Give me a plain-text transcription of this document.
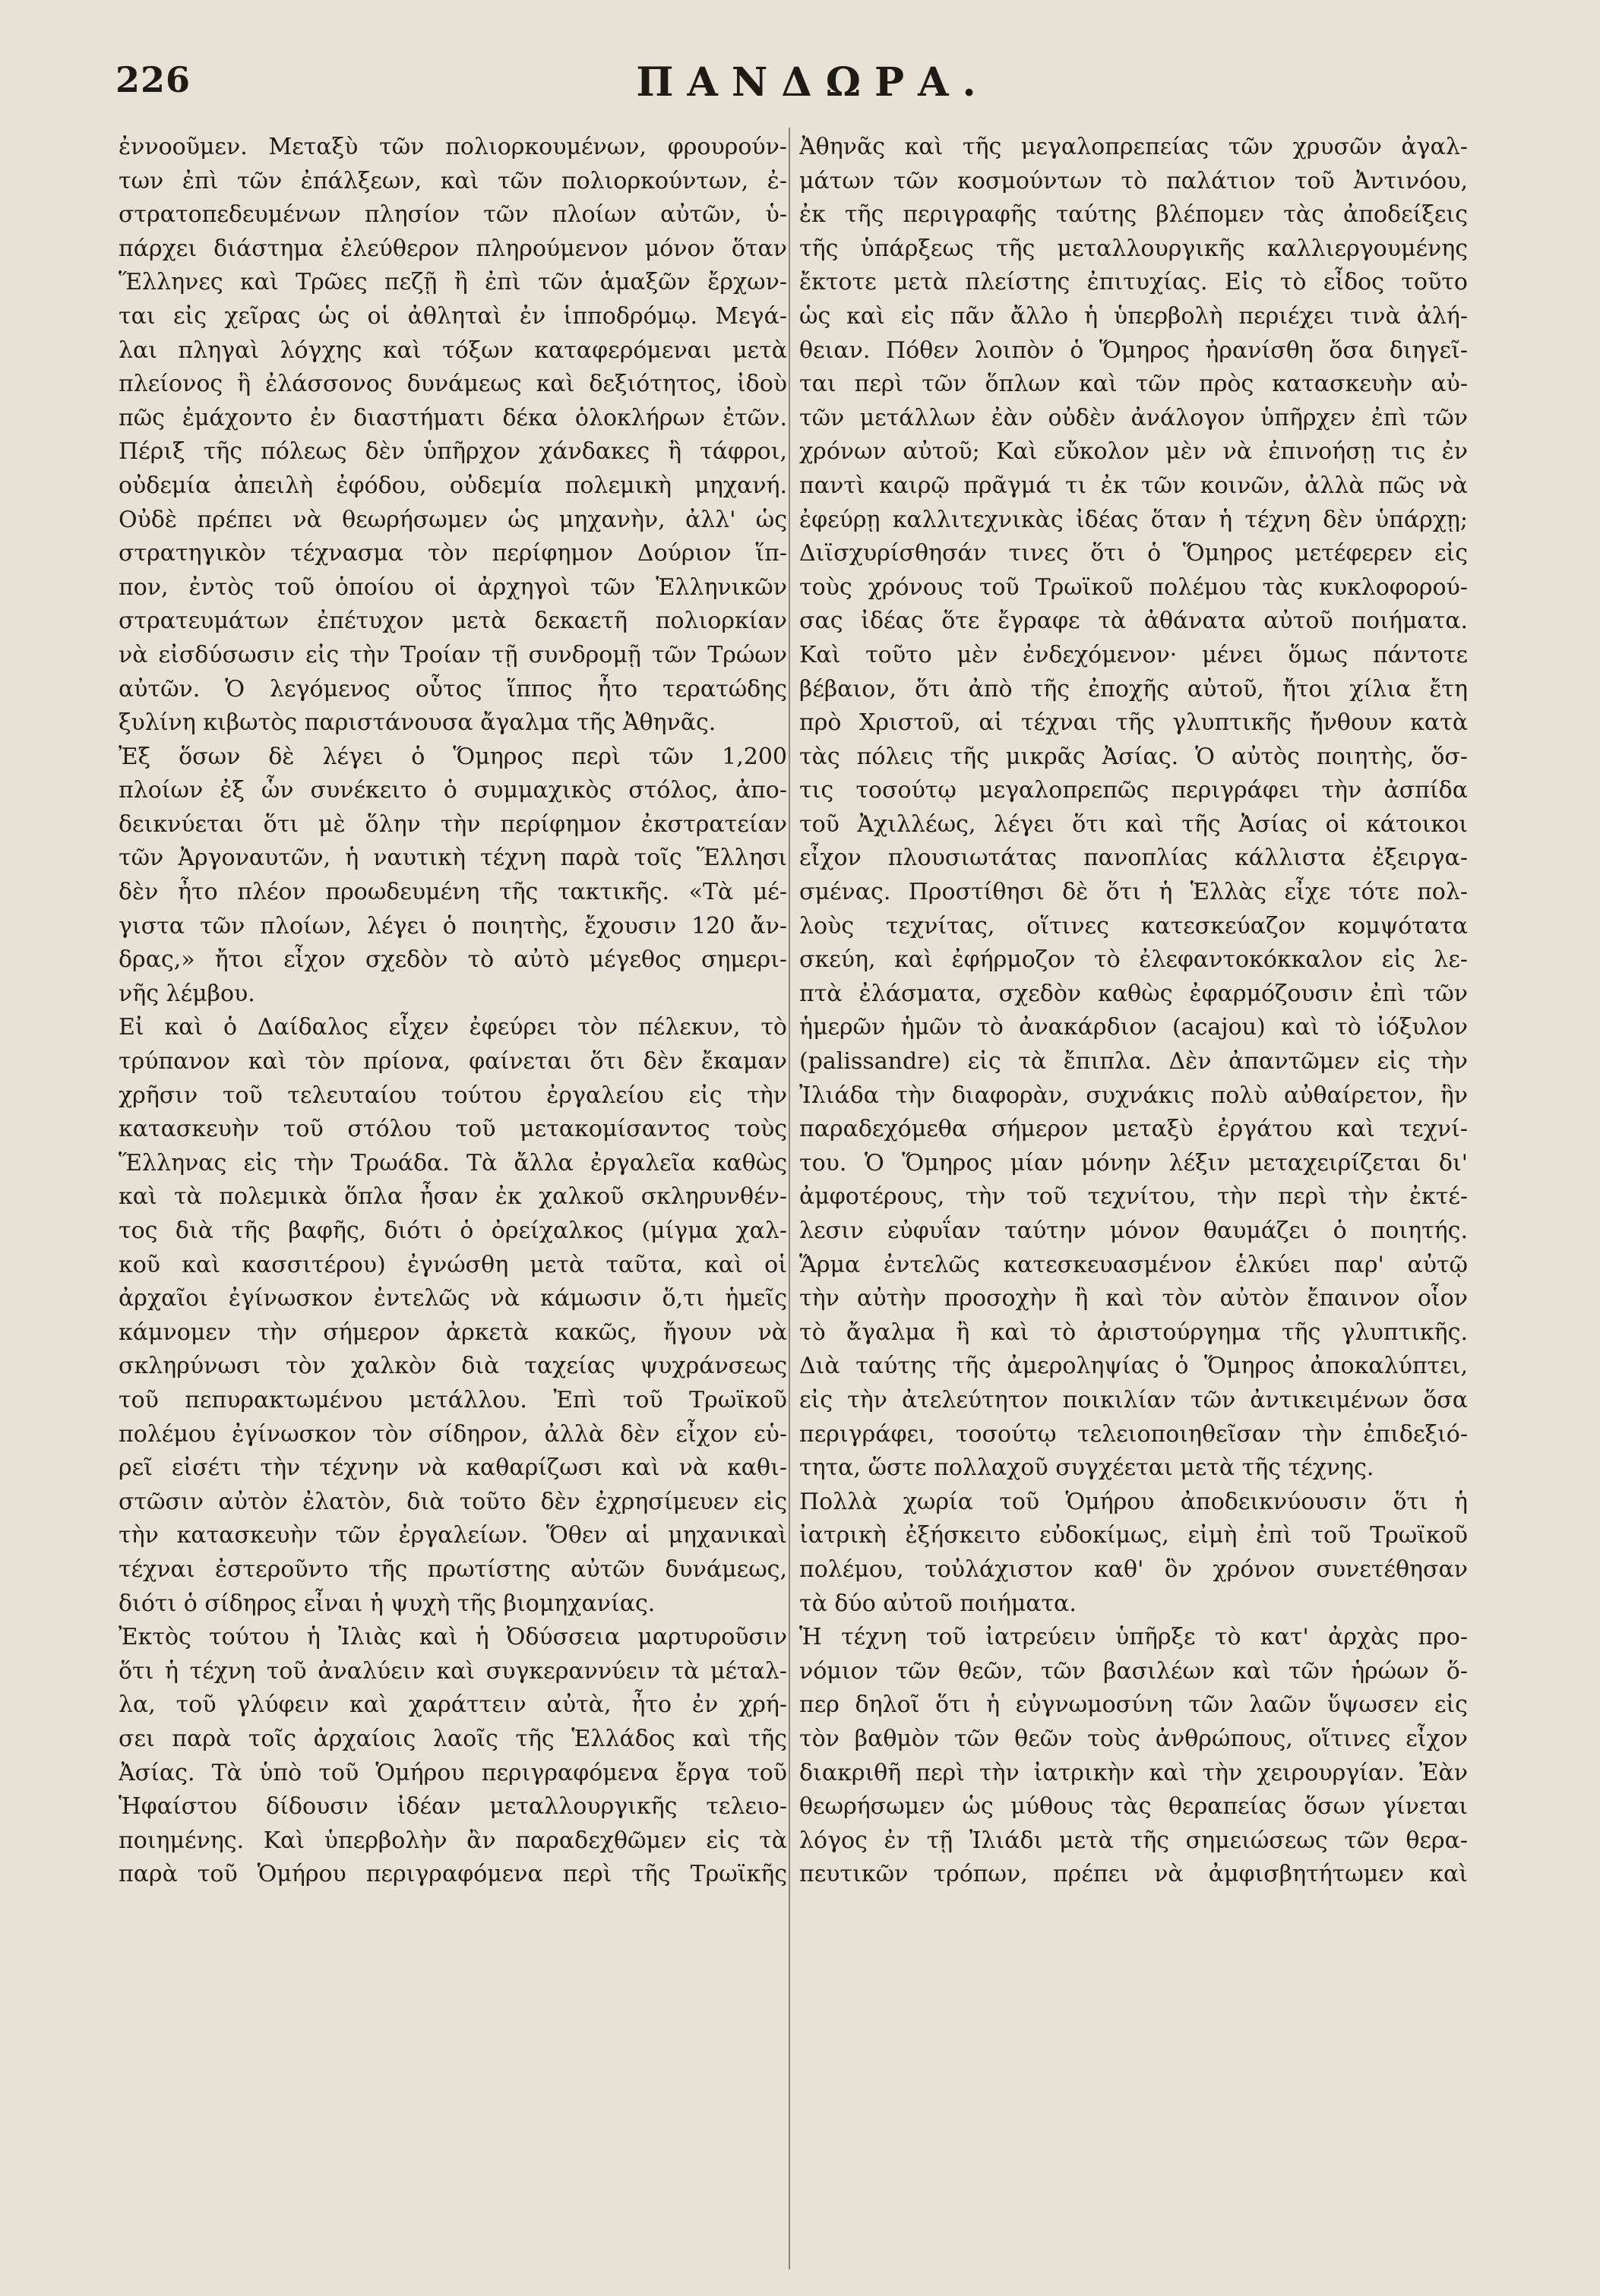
226	ΠΑΝΔΩΡΑ.
ἐννοοῦμεν. Μεταξὺ τῶν πολιορκουμένων, φρουρούν-
των ἐπὶ τῶν ἐπάλξεων, καὶ τῶν πολιορκούντων, ἐ-
στρατοπεδευμένων πλησίον τῶν πλοίων αὐτῶν, ὑ-
πάρχει διάστημα ἐλεύθερον πληρούμενον μόνον ὅταν
Ἕλληνες καὶ Τρῶες πεζῇ ἢ ἐπὶ τῶν ἁμαξῶν ἔρχων-
ται εἰς χεῖρας ὡς οἱ ἀθληταὶ ἐν ἱπποδρόμῳ. Μεγά-
λαι πληγαὶ λόγχης καὶ τόξων καταφερόμεναι μετὰ
πλείονος ἢ ἐλάσσονος δυνάμεως καὶ δεξιότητος, ἰδοὺ
πῶς ἐμάχοντο ἐν διαστήματι δέκα ὁλοκλήρων ἐτῶν.
Πέριξ τῆς πόλεως δὲν ὑπῆρχον χάνδακες ἢ τάφροι,
οὐδεμία ἀπειλὴ ἐφόδου, οὐδεμία πολεμικὴ μηχανή.
Οὐδὲ πρέπει νὰ θεωρήσωμεν ὡς μηχανὴν, ἀλλ' ὡς
στρατηγικὸν τέχνασμα τὸν περίφημον Δούριον ἵπ-
πον, ἐντὸς τοῦ ὁποίου οἱ ἀρχηγοὶ τῶν Ἑλληνικῶν
στρατευμάτων ἐπέτυχον μετὰ δεκαετῆ πολιορκίαν
νὰ εἰσδύσωσιν εἰς τὴν Τροίαν τῇ συνδρομῇ τῶν Τρώων
αὐτῶν. Ὁ λεγόμενος οὗτος ἵππος ἦτο τερατώδης
ξυλίνη κιβωτὸς παριστάνουσα ἄγαλμα τῆς Ἀθηνᾶς.
Ἐξ ὅσων δὲ λέγει ὁ Ὅμηρος περὶ τῶν 1,200
πλοίων ἐξ ὧν συνέκειτο ὁ συμμαχικὸς στόλος, ἀπο-
δεικνύεται ὅτι μὲ ὅλην τὴν περίφημον ἐκστρατείαν
τῶν Ἀργοναυτῶν, ἡ ναυτικὴ τέχνη παρὰ τοῖς Ἕλλησι
δὲν ἦτο πλέον προωδευμένη τῆς τακτικῆς. «Τὰ μέ-
γιστα τῶν πλοίων, λέγει ὁ ποιητὴς, ἔχουσιν 120 ἄν-
δρας,» ἤτοι εἶχον σχεδὸν τὸ αὐτὸ μέγεθος σημερι-
νῆς λέμβου.
Εἰ καὶ ὁ Δαίδαλος εἶχεν ἐφεύρει τὸν πέλεκυν, τὸ
τρύπανον καὶ τὸν πρίονα, φαίνεται ὅτι δὲν ἔκαμαν
χρῆσιν τοῦ τελευταίου τούτου ἐργαλείου εἰς τὴν
κατασκευὴν τοῦ στόλου τοῦ μετακομίσαντος τοὺς
Ἕλληνας εἰς τὴν Τρωάδα. Τὰ ἄλλα ἐργαλεῖα καθὼς
καὶ τὰ πολεμικὰ ὅπλα ἦσαν ἐκ χαλκοῦ σκληρυνθέν-
τος διὰ τῆς βαφῆς, διότι ὁ ὀρείχαλκος (μίγμα χαλ-
κοῦ καὶ κασσιτέρου) ἐγνώσθη μετὰ ταῦτα, καὶ οἱ
ἀρχαῖοι ἐγίνωσκον ἐντελῶς νὰ κάμωσιν ὅ,τι ἡμεῖς
κάμνομεν τὴν σήμερον ἀρκετὰ κακῶς, ἤγουν νὰ
σκληρύνωσι τὸν χαλκὸν διὰ ταχείας ψυχράνσεως
τοῦ πεπυρακτωμένου μετάλλου. Ἐπὶ τοῦ Τρωϊκοῦ
πολέμου ἐγίνωσκον τὸν σίδηρον, ἀλλὰ δὲν εἶχον εὑ-
ρεῖ εἰσέτι τὴν τέχνην νὰ καθαρίζωσι καὶ νὰ καθι-
στῶσιν αὐτὸν ἐλατὸν, διὰ τοῦτο δὲν ἐχρησίμευεν εἰς
τὴν κατασκευὴν τῶν ἐργαλείων. Ὅθεν αἱ μηχανικαὶ
τέχναι ἐστεροῦντο τῆς πρωτίστης αὐτῶν δυνάμεως,
διότι ὁ σίδηρος εἶναι ἡ ψυχὴ τῆς βιομηχανίας.
Ἐκτὸς τούτου ἡ Ἰλιὰς καὶ ἡ Ὀδύσσεια μαρτυροῦσιν
ὅτι ἡ τέχνη τοῦ ἀναλύειν καὶ συγκεραννύειν τὰ μέταλ-
λα, τοῦ γλύφειν καὶ χαράττειν αὐτὰ, ἦτο ἐν χρή-
σει παρὰ τοῖς ἀρχαίοις λαοῖς τῆς Ἑλλάδος καὶ τῆς
Ἀσίας. Τὰ ὑπὸ τοῦ Ὁμήρου περιγραφόμενα ἔργα τοῦ
Ἡφαίστου δίδουσιν ἰδέαν μεταλλουργικῆς τελειο-
ποιημένης. Καὶ ὑπερβολὴν ἂν παραδεχθῶμεν εἰς τὰ
παρὰ τοῦ Ὁμήρου περιγραφόμενα περὶ τῆς Τρωϊκῆς
Ἀθηνᾶς καὶ τῆς μεγαλοπρεπείας τῶν χρυσῶν ἀγαλ-
μάτων τῶν κοσμούντων τὸ παλάτιον τοῦ Ἀντινόου,
ἐκ τῆς περιγραφῆς ταύτης βλέπομεν τὰς ἀποδείξεις
τῆς ὑπάρξεως τῆς μεταλλουργικῆς καλλιεργουμένης
ἔκτοτε μετὰ πλείστης ἐπιτυχίας. Εἰς τὸ εἶδος τοῦτο
ὡς καὶ εἰς πᾶν ἄλλο ἡ ὑπερβολὴ περιέχει τινὰ ἀλή-
θειαν. Πόθεν λοιπὸν ὁ Ὅμηρος ἠρανίσθη ὅσα διηγεῖ-
ται περὶ τῶν ὅπλων καὶ τῶν πρὸς κατασκευὴν αὐ-
τῶν μετάλλων ἐὰν οὐδὲν ἀνάλογον ὑπῆρχεν ἐπὶ τῶν
χρόνων αὐτοῦ; Καὶ εὔκολον μὲν νὰ ἐπινοήσῃ τις ἐν
παντὶ καιρῷ πρᾶγμά τι ἐκ τῶν κοινῶν, ἀλλὰ πῶς νὰ
ἐφεύρῃ καλλιτεχνικὰς ἰδέας ὅταν ἡ τέχνη δὲν ὑπάρχῃ;
Διϊσχυρίσθησάν τινες ὅτι ὁ Ὅμηρος μετέφερεν εἰς
τοὺς χρόνους τοῦ Τρωϊκοῦ πολέμου τὰς κυκλοφορού-
σας ἰδέας ὅτε ἔγραφε τὰ ἀθάνατα αὐτοῦ ποιήματα.
Καὶ τοῦτο μὲν ἐνδεχόμενον· μένει ὅμως πάντοτε
βέβαιον, ὅτι ἀπὸ τῆς ἐποχῆς αὐτοῦ, ἤτοι χίλια ἔτη
πρὸ Χριστοῦ, αἱ τέχναι τῆς γλυπτικῆς ἤνθουν κατὰ
τὰς πόλεις τῆς μικρᾶς Ἀσίας. Ὁ αὐτὸς ποιητὴς, ὅσ-
τις τοσούτῳ μεγαλοπρεπῶς περιγράφει τὴν ἀσπίδα
τοῦ Ἀχιλλέως, λέγει ὅτι καὶ τῆς Ἀσίας οἱ κάτοικοι
εἶχον πλουσιωτάτας πανοπλίας κάλλιστα ἐξειργα-
σμένας. Προστίθησι δὲ ὅτι ἡ Ἑλλὰς εἶχε τότε πολ-
λοὺς τεχνίτας, οἵτινες κατεσκεύαζον κομψότατα
σκεύη, καὶ ἐφήρμοζον τὸ ἐλεφαντοκόκκαλον εἰς λε-
πτὰ ἐλάσματα, σχεδὸν καθὼς ἐφαρμόζουσιν ἐπὶ τῶν
ἡμερῶν ἡμῶν τὸ ἀνακάρδιον (acajou) καὶ τὸ ἰόξυλον
(palissandre) εἰς τὰ ἔπιπλα. Δὲν ἀπαντῶμεν εἰς τὴν
Ἰλιάδα τὴν διαφορὰν, συχνάκις πολὺ αὐθαίρετον, ἣν
παραδεχόμεθα σήμερον μεταξὺ ἐργάτου καὶ τεχνί-
του. Ὁ Ὅμηρος μίαν μόνην λέξιν μεταχειρίζεται δι'
ἀμφοτέρους, τὴν τοῦ τεχνίτου, τὴν περὶ τὴν ἐκτέ-
λεσιν εὐφυΐαν ταύτην μόνον θαυμάζει ὁ ποιητής.
Ἅρμα ἐντελῶς κατεσκευασμένον ἑλκύει παρ' αὐτῷ
τὴν αὐτὴν προσοχὴν ἢ καὶ τὸν αὐτὸν ἔπαινον οἷον
τὸ ἄγαλμα ἢ καὶ τὸ ἀριστούργημα τῆς γλυπτικῆς.
Διὰ ταύτης τῆς ἀμεροληψίας ὁ Ὅμηρος ἀποκαλύπτει,
εἰς τὴν ἀτελεύτητον ποικιλίαν τῶν ἀντικειμένων ὅσα
περιγράφει, τοσούτῳ τελειοποιηθεῖσαν τὴν ἐπιδεξιό-
τητα, ὥστε πολλαχοῦ συγχέεται μετὰ τῆς τέχνης.
Πολλὰ χωρία τοῦ Ὁμήρου ἀποδεικνύουσιν ὅτι ἡ
ἰατρικὴ ἐξήσκειτο εὐδοκίμως, εἰμὴ ἐπὶ τοῦ Τρωϊκοῦ
πολέμου, τοὐλάχιστον καθ' ὃν χρόνον συνετέθησαν
τὰ δύο αὐτοῦ ποιήματα.
Ἡ τέχνη τοῦ ἰατρεύειν ὑπῆρξε τὸ κατ' ἀρχὰς προ-
νόμιον τῶν θεῶν, τῶν βασιλέων καὶ τῶν ἡρώων ὅ-
περ δηλοῖ ὅτι ἡ εὐγνωμοσύνη τῶν λαῶν ὕψωσεν εἰς
τὸν βαθμὸν τῶν θεῶν τοὺς ἀνθρώπους, οἵτινες εἶχον
διακριθῆ περὶ τὴν ἰατρικὴν καὶ τὴν χειρουργίαν. Ἐὰν
θεωρήσωμεν ὡς μύθους τὰς θεραπείας ὅσων γίνεται
λόγος ἐν τῇ Ἰλιάδι μετὰ τῆς σημειώσεως τῶν θερα-
πευτικῶν τρόπων, πρέπει νὰ ἀμφισβητήτωμεν καὶ
